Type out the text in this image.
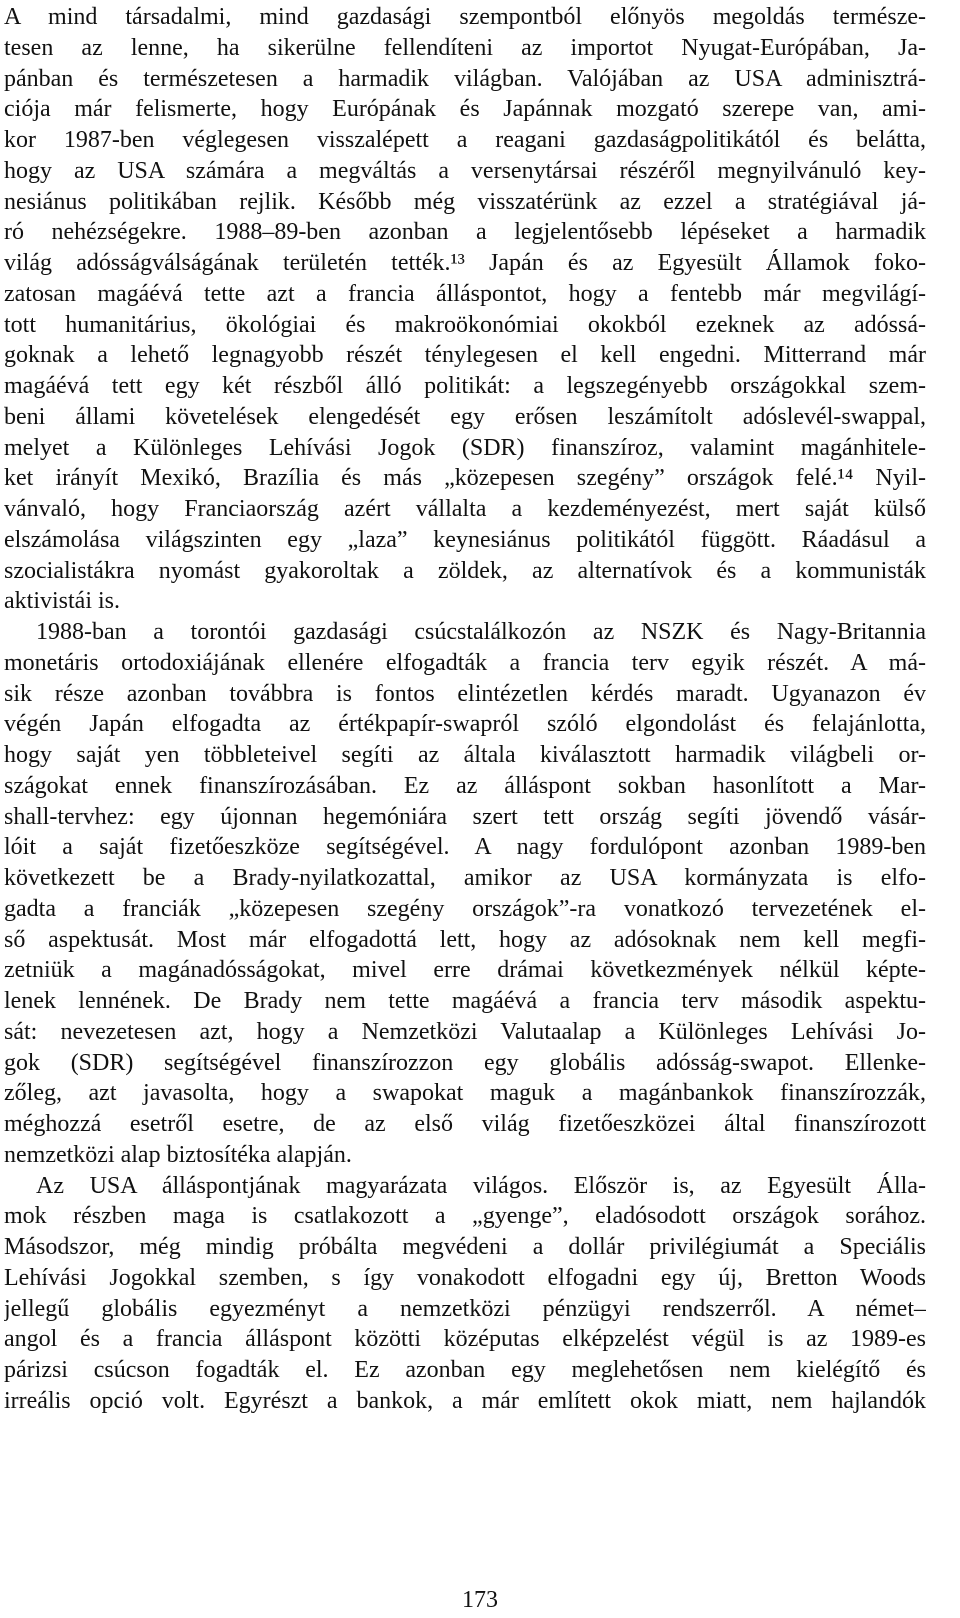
A mind társadalmi, mind gazdasági szempontból előnyös megoldás természe-
tesen az lenne, ha sikerülne fellendíteni az importot Nyugat-Európában, Ja-
pánban és természetesen a harmadik világban. Valójában az USA adminisztrá-
ciója már felismerte, hogy Európának és Japánnak mozgató szerepe van, ami-
kor 1987-ben véglegesen visszalépett a reagani gazdaságpolitikától és belátta,
hogy az USA számára a megváltás a versenytársai részéről megnyilvánuló key-
nesiánus politikában rejlik. Később még visszatérünk az ezzel a stratégiával já-
ró nehézségekre. 1988–89-ben azonban a legjelentősebb lépéseket a harmadik
világ adósságválságának területén tették.¹³ Japán és az Egyesült Államok foko-
zatosan magáévá tette azt a francia álláspontot, hogy a fentebb már megvilágí-
tott humanitárius, ökológiai és makroökonómiai okokból ezeknek az adóssá-
goknak a lehető legnagyobb részét ténylegesen el kell engedni. Mitterrand már
magáévá tett egy két részből álló politikát: a legszegényebb országokkal szem-
beni állami követelések elengedését egy erősen leszámítolt adóslevél-swappal,
melyet a Különleges Lehívási Jogok (SDR) finanszíroz, valamint magánhitele-
ket irányít Mexikó, Brazília és más „közepesen szegény” országok felé.¹⁴ Nyil-
vánvaló, hogy Franciaország azért vállalta a kezdeményezést, mert saját külső
elszámolása világszinten egy „laza” keynesiánus politikától függött. Ráadásul a
szocialistákra nyomást gyakoroltak a zöldek, az alternatívok és a kommunisták
aktivistái is.
1988-ban a torontói gazdasági csúcstalálkozón az NSZK és Nagy-Britannia
monetáris ortodoxiájának ellenére elfogadták a francia terv egyik részét. A má-
sik része azonban továbbra is fontos elintézetlen kérdés maradt. Ugyanazon év
végén Japán elfogadta az értékpapír-swapról szóló elgondolást és felajánlotta,
hogy saját yen többleteivel segíti az általa kiválasztott harmadik világbeli or-
szágokat ennek finanszírozásában. Ez az álláspont sokban hasonlított a Mar-
shall-tervhez: egy újonnan hegemóniára szert tett ország segíti jövendő vásár-
lóit a saját fizetőeszköze segítségével. A nagy fordulópont azonban 1989-ben
következett be a Brady-nyilatkozattal, amikor az USA kormányzata is elfo-
gadta a franciák „közepesen szegény országok”-ra vonatkozó tervezetének el-
ső aspektusát. Most már elfogadottá lett, hogy az adósoknak nem kell megfi-
zetniük a magánadósságokat, mivel erre drámai következmények nélkül képte-
lenek lennének. De Brady nem tette magáévá a francia terv második aspektu-
sát: nevezetesen azt, hogy a Nemzetközi Valutaalap a Különleges Lehívási Jo-
gok (SDR) segítségével finanszírozzon egy globális adósság-swapot. Ellenke-
zőleg, azt javasolta, hogy a swapokat maguk a magánbankok finanszírozzák,
méghozzá esetről esetre, de az első világ fizetőeszközei által finanszírozott
nemzetközi alap biztosítéka alapján.
Az USA álláspontjának magyarázata világos. Először is, az Egyesült Álla-
mok részben maga is csatlakozott a „gyenge”, eladósodott országok sorához.
Másodszor, még mindig próbálta megvédeni a dollár privilégiumát a Speciális
Lehívási Jogokkal szemben, s így vonakodott elfogadni egy új, Bretton Woods
jellegű globális egyezményt a nemzetközi pénzügyi rendszerről. A német–
angol és a francia álláspont közötti középutas elképzelést végül is az 1989-es
párizsi csúcson fogadták el. Ez azonban egy meglehetősen nem kielégítő és
irreális opció volt. Egyrészt a bankok, a már említett okok miatt, nem hajlandók
173
